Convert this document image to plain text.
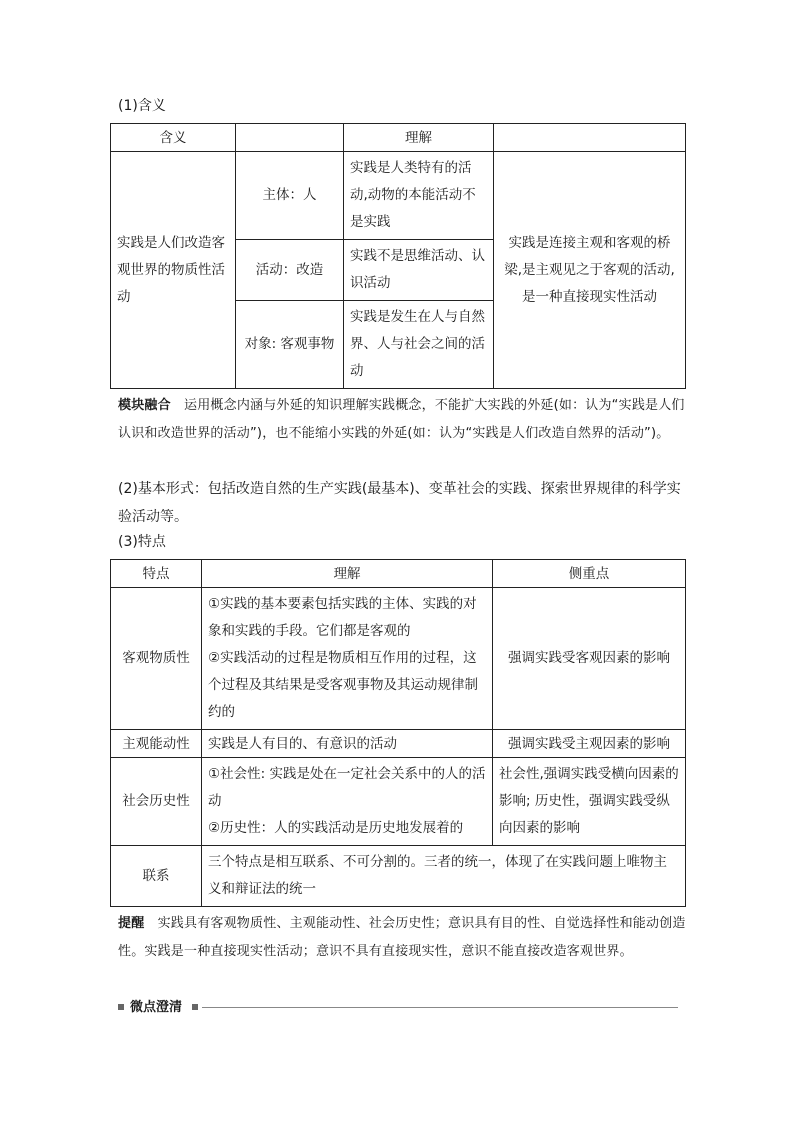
(1)含义
含义		理解	
实践是人们改造客观世界的物质性活动	主体：人	实践是人类特有的活动,动物的本能活动不是实践	实践是连接主观和客观的桥梁,是主观见之于客观的活动,是一种直接现实性活动
	活动：改造	实践不是思维活动、认识活动	
	对象: 客观事物	实践是发生在人与自然界、人与社会之间的活动	
模块融合　运用概念内涵与外延的知识理解实践概念，不能扩大实践的外延(如：认为“实践是人们认识和改造世界的活动”)，也不能缩小实践的外延(如：认为“实践是人们改造自然界的活动”)。
(2)基本形式：包括改造自然的生产实践(最基本)、变革社会的实践、探索世界规律的科学实验活动等。
(3)特点
特点	理解	侧重点
客观物质性	①实践的基本要素包括实践的主体、实践的对象和实践的手段。它们都是客观的
②实践活动的过程是物质相互作用的过程，这个过程及其结果是受客观事物及其运动规律制约的	强调实践受客观因素的影响
主观能动性	实践是人有目的、有意识的活动	强调实践受主观因素的影响
社会历史性	①社会性: 实践是处在一定社会关系中的人的活动
②历史性：人的实践活动是历史地发展着的	社会性,强调实践受横向因素的影响; 历史性，强调实践受纵向因素的影响
联系	三个特点是相互联系、不可分割的。三者的统一，体现了在实践问题上唯物主义和辩证法的统一	
提醒　实践具有客观物质性、主观能动性、社会历史性；意识具有目的性、自觉选择性和能动创造性。实践是一种直接现实性活动；意识不具有直接现实性，意识不能直接改造客观世界。
微点澄清
